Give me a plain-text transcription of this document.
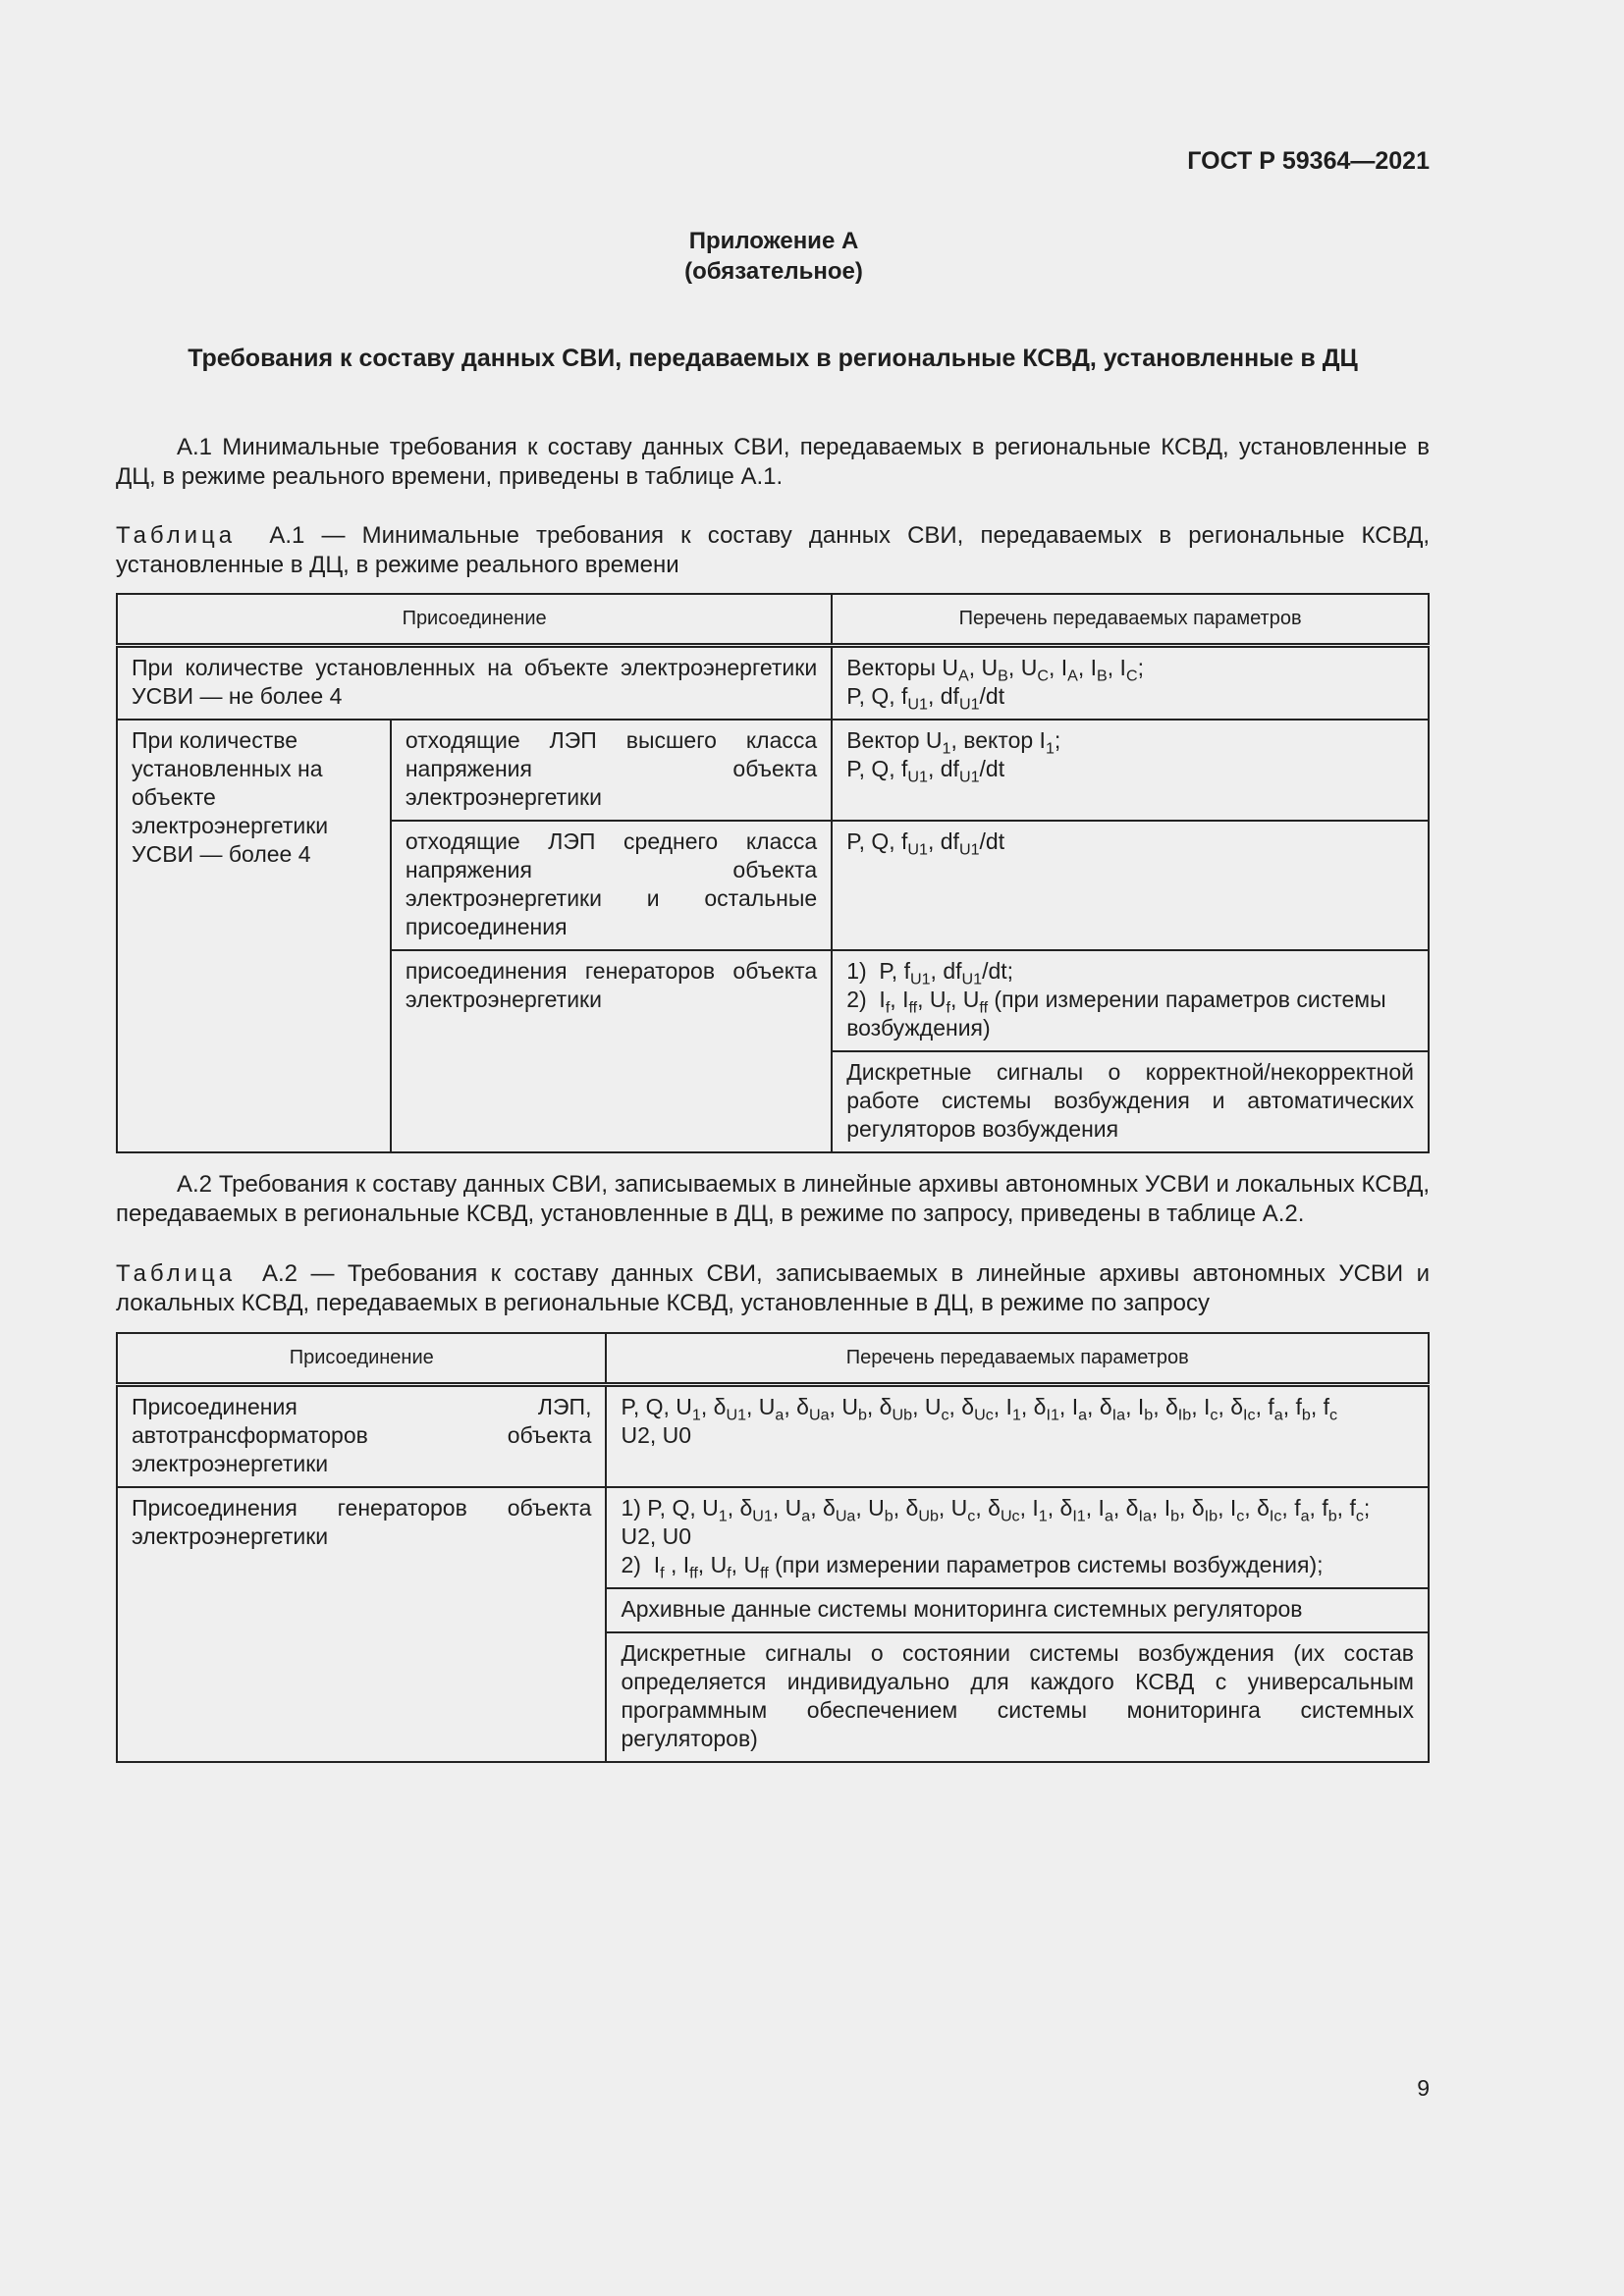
ГОСТ Р 59364—2021
Приложение А
(обязательное)
Требования к составу данных СВИ, передаваемых в региональные КСВД, установленные в ДЦ
А.1 Минимальные требования к составу данных СВИ, передаваемых в региональные КСВД, установленные в ДЦ, в режиме реального времени, приведены в таблице А.1.
Таблица А.1 — Минимальные требования к составу данных СВИ, передаваемых в региональные КСВД, установленные в ДЦ, в режиме реального времени
Присоединение		Перечень передаваемых параметров
При количестве установленных на объекте электроэнергетики УСВИ — не более 4		Векторы $U_A$, $U_B$, $U_C$, $I_A$, $I_B$, $I_C$;
P, Q, $f_{U1}$, $df_{U1}/dt$
При количестве установленных на объекте электроэнергетики УСВИ — более 4	отходящие ЛЭП высшего класса напряжения объекта электроэнергетики	Вектор $U_1$, вектор $I_1$;
P, Q, $f_{U1}$, $df_{U1}/dt$
	отходящие ЛЭП среднего класса напряжения объекта электроэнергетики и остальные присоединения	P, Q, $f_{U1}$, $df_{U1}/dt$
	присоединения генераторов объекта электроэнергетики	1)  P, $f_{U1}$, $df_{U1}/dt$;
2)  $I_f$, $I_{ff}$, $U_f$, $U_{ff}$ (при измерении параметров системы возбуждения)
		Дискретные сигналы о корректной/некорректной работе системы возбуждения и автоматических регуляторов возбуждения
А.2 Требования к составу данных СВИ, записываемых в линейные архивы автономных УСВИ и локальных КСВД, передаваемых в региональные КСВД, установленные в ДЦ, в режиме по запросу, приведены в таблице А.2.
Таблица А.2 — Требования к составу данных СВИ, записываемых в линейные архивы автономных УСВИ и локальных КСВД, передаваемых в региональные КСВД, установленные в ДЦ, в режиме по запросу
Присоединение	Перечень передаваемых параметров
Присоединения ЛЭП, автотрансформаторов объекта электроэнергетики	P, Q, $U_1$, $\delta_{U1}$, $U_a$, $\delta_{Ua}$, $U_b$, $\delta_{Ub}$, $U_c$, $\delta_{Uc}$, $I_1$, $\delta_{I1}$, $I_a$, $\delta_{Ia}$, $I_b$, $\delta_{Ib}$, $I_c$, $\delta_{Ic}$, $f_a$, $f_b$, $f_c$
U2, U0
Присоединения генераторов объекта электроэнергетики	1) P, Q, $U_1$, $\delta_{U1}$, $U_a$, $\delta_{Ua}$, $U_b$, $\delta_{Ub}$, $U_c$, $\delta_{Uc}$, $I_1$, $\delta_{I1}$, $I_a$, $\delta_{Ia}$, $I_b$, $\delta_{Ib}$, $I_c$, $\delta_{Ic}$, $f_a$, $f_b$, $f_c$;
U2, U0
2)  $I_f$ , $I_{ff}$, $U_f$, $U_{ff}$ (при измерении параметров системы возбуждения);
	Архивные данные системы мониторинга системных регуляторов
	Дискретные сигналы о состоянии системы возбуждения (их состав определяется индивидуально для каждого КСВД с универсальным программным обеспечением системы мониторинга системных регуляторов)
9
